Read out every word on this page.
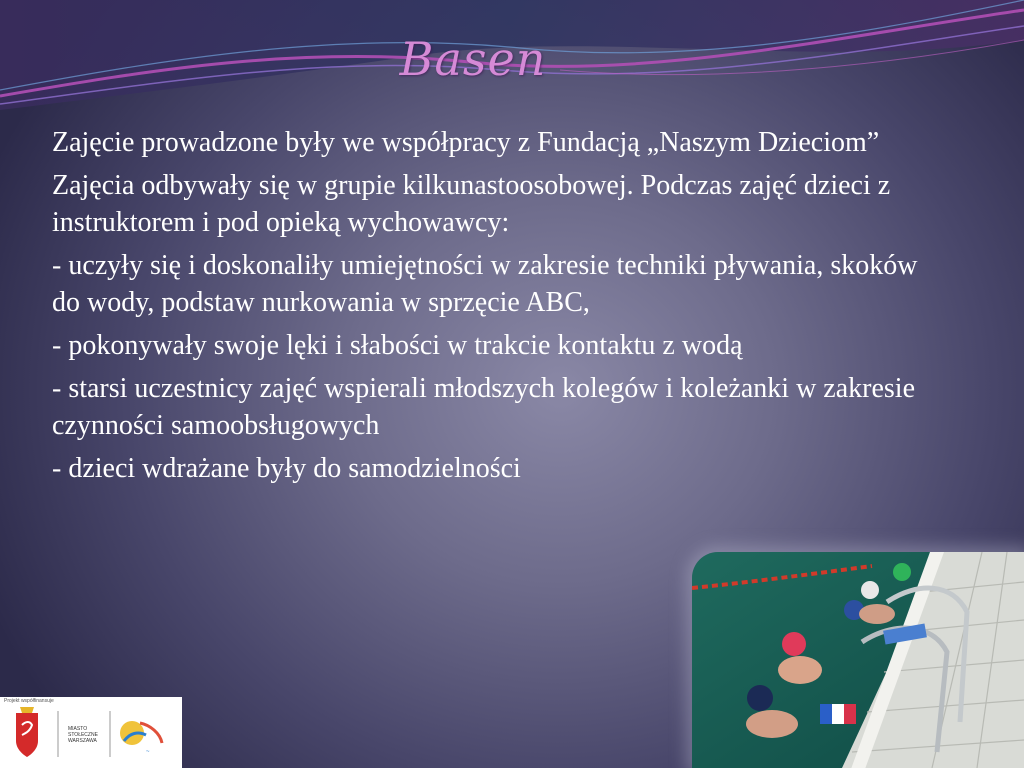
Basen

Zajęcie prowadzone były we współpracy z Fundacją „Naszym Dzieciom”

Zajęcia odbywały się w grupie kilkunastoosobowej. Podczas zajęć dzieci z instruktorem i pod opieką wychowawcy:

- uczyły się i doskonaliły umiejętności w zakresie techniki pływania, skoków do wody, podstaw nurkowania w sprzęcie ABC,

- pokonywały swoje lęki i słabości w trakcie kontaktu z wodą

- starsi uczestnicy zajęć wspierali młodszych kolegów i koleżanki w zakresie czynności samoobsługowych

- dzieci wdrażane były do samodzielności

Projekt współfinansuje
~
MIASTO
STOŁECZNE
WARSZAWA
